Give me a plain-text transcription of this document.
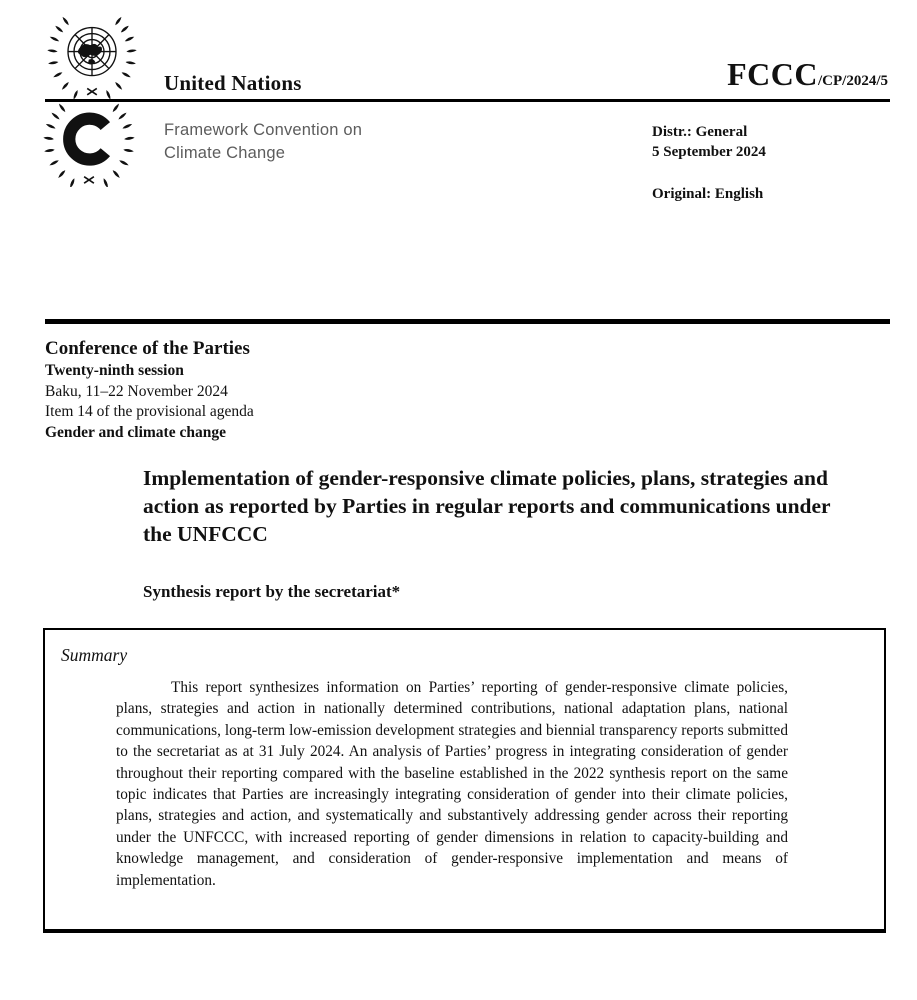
United Nations	FCCC/CP/2024/5
Framework Convention on
Climate Change
Distr.: General
5 September 2024
Original: English
Conference of the Parties
Twenty-ninth session
Baku, 11–22 November 2024
Item 14 of the provisional agenda
Gender and climate change
Implementation of gender-responsive climate policies, plans, strategies and action as reported by Parties in regular reports and communications under the UNFCCC
Synthesis report by the secretariat*
Summary
This report synthesizes information on Parties’ reporting of gender-responsive climate policies, plans, strategies and action in nationally determined contributions, national adaptation plans, national communications, long-term low-emission development strategies and biennial transparency reports submitted to the secretariat as at 31 July 2024. An analysis of Parties’ progress in integrating consideration of gender throughout their reporting compared with the baseline established in the 2022 synthesis report on the same topic indicates that Parties are increasingly integrating consideration of gender into their climate policies, plans, strategies and action, and systematically and substantively addressing gender across their reporting under the UNFCCC, with increased reporting of gender dimensions in relation to capacity-building and knowledge management, and consideration of gender-responsive implementation and means of implementation.
